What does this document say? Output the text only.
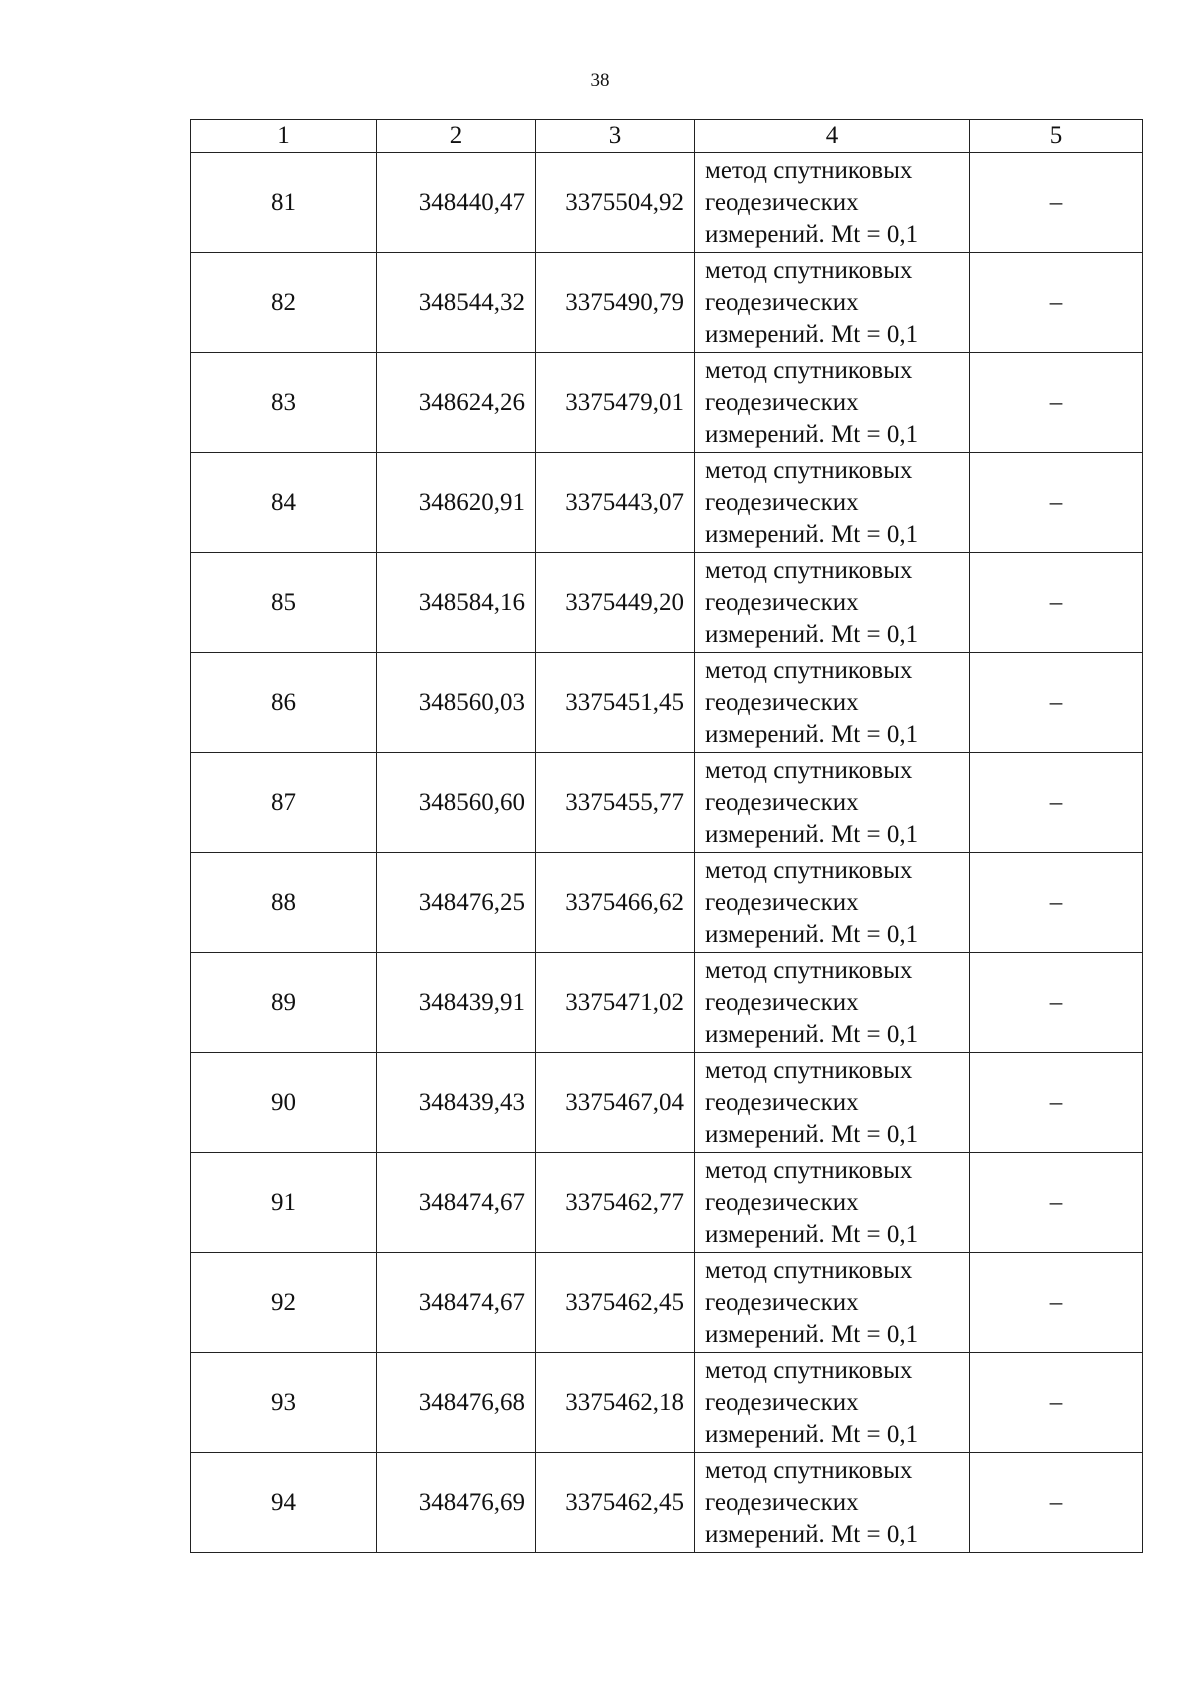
38
1	2	3	4	5
81	348440,47	3375504,92	метод спутниковых
геодезических
измерений. Mt = 0,1	–
82	348544,32	3375490,79	метод спутниковых
геодезических
измерений. Mt = 0,1	–
83	348624,26	3375479,01	метод спутниковых
геодезических
измерений. Mt = 0,1	–
84	348620,91	3375443,07	метод спутниковых
геодезических
измерений. Mt = 0,1	–
85	348584,16	3375449,20	метод спутниковых
геодезических
измерений. Mt = 0,1	–
86	348560,03	3375451,45	метод спутниковых
геодезических
измерений. Mt = 0,1	–
87	348560,60	3375455,77	метод спутниковых
геодезических
измерений. Mt = 0,1	–
88	348476,25	3375466,62	метод спутниковых
геодезических
измерений. Mt = 0,1	–
89	348439,91	3375471,02	метод спутниковых
геодезических
измерений. Mt = 0,1	–
90	348439,43	3375467,04	метод спутниковых
геодезических
измерений. Mt = 0,1	–
91	348474,67	3375462,77	метод спутниковых
геодезических
измерений. Mt = 0,1	–
92	348474,67	3375462,45	метод спутниковых
геодезических
измерений. Mt = 0,1	–
93	348476,68	3375462,18	метод спутниковых
геодезических
измерений. Mt = 0,1	–
94	348476,69	3375462,45	метод спутниковых
геодезических
измерений. Mt = 0,1	–
